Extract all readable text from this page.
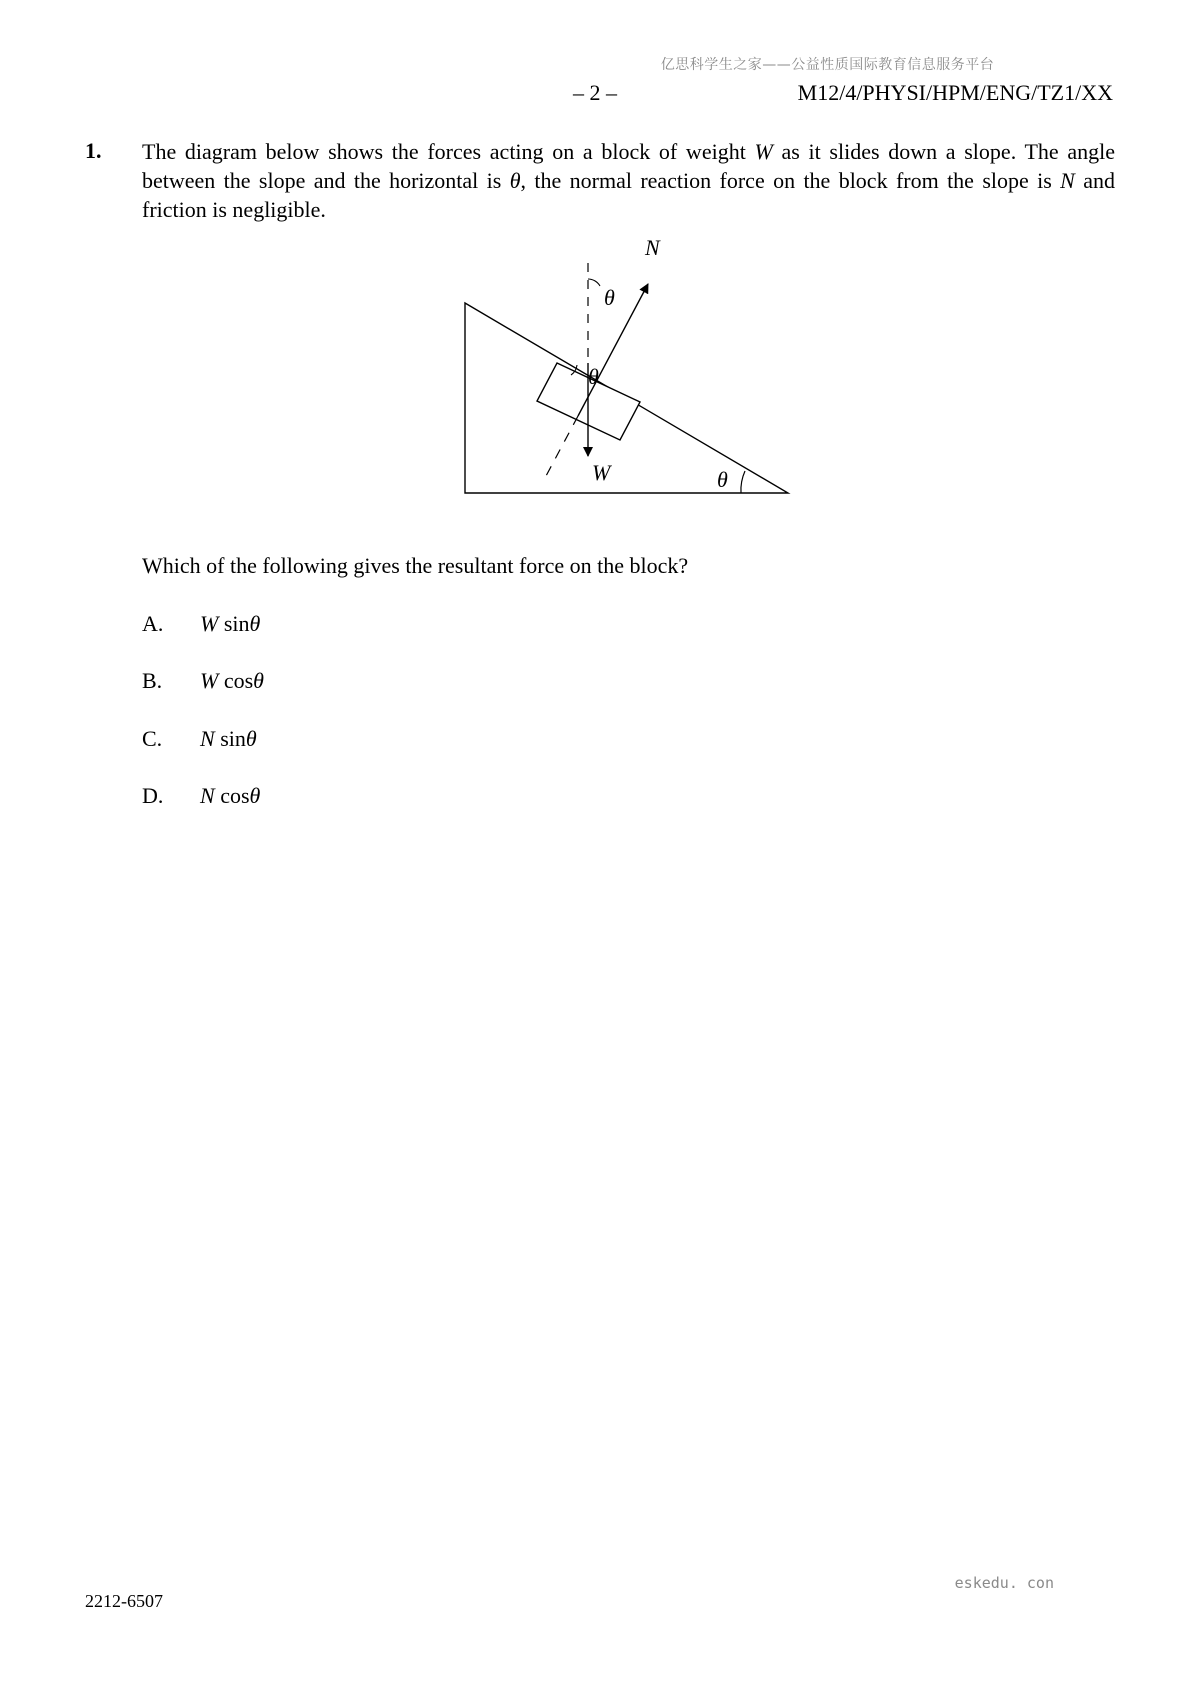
亿思科学生之家——公益性质国际教育信息服务平台
– 2 –	M12/4/PHYSI/HPM/ENG/TZ1/XX
1. The diagram below shows the forces acting on a block of weight W as it slides down a slope. The angle between the slope and the horizontal is θ, the normal reaction force on the block from the slope is N and friction is negligible.

N
W
θ
θ
θ
Which of the following gives the resultant force on the block?
A.	W sinθ
B.	W cosθ
C.	N sinθ
D.	N cosθ
2212-6507
eskedu. con
